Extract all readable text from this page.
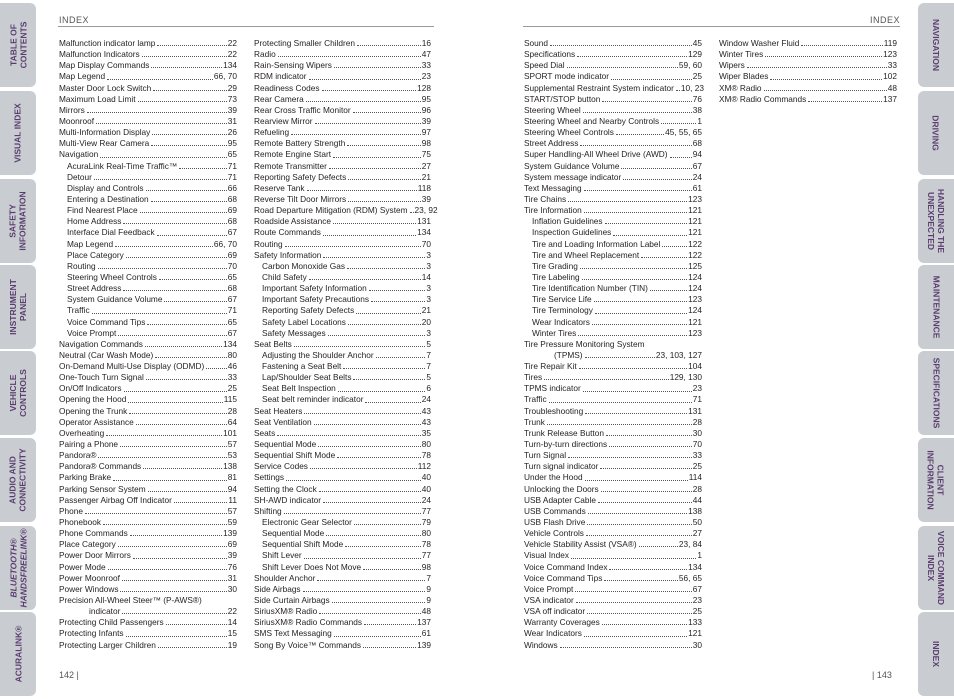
TABLE OF
CONTENTS
VISUAL INDEX
SAFETY
INFORMATION
INSTRUMENT
PANEL
VEHICLE
CONTROLS
AUDIO AND
CONNECTIVITY
BLUETOOTH®
HANDSFREELINK®
ACURALINK®
NAVIGATION
DRIVING
HANDLING THE
UNEXPECTED
MAINTENANCE
SPECIFICATIONS
CLIENT
INFORMATION
VOICE COMMAND
INDEX
INDEX
INDEX	INDEX
Malfunction indicator lamp	22
Malfunction Indicators	22
Map Display Commands	134
Map Legend	66, 70
Master Door Lock Switch	29
Maximum Load Limit	73
Mirrors	39
Moonroof	31
Multi-Information Display	26
Multi-View Rear Camera	95
Navigation	65
AcuraLink Real-Time Traffic™	71
Detour	71
Display and Controls	66
Entering a Destination	68
Find Nearest Place	69
Home Address	68
Interface Dial Feedback	67
Map Legend	66, 70
Place Category	69
Routing	70
Steering Wheel Controls	65
Street Address	68
System Guidance Volume	67
Traffic	71
Voice Command Tips	65
Voice Prompt	67
Navigation Commands	134
Neutral (Car Wash Mode)	80
On-Demand Multi-Use Display (ODMD)	46
One-Touch Turn Signal	33
On/Off Indicators	25
Opening the Hood	115
Opening the Trunk	28
Operator Assistance	64
Overheating	101
Pairing a Phone	57
Pandora®	53
Pandora® Commands	138
Parking Brake	81
Parking Sensor System	94
Passenger Airbag Off Indicator	11
Phone	57
Phonebook	59
Phone Commands	139
Place Category	69
Power Door Mirrors	39
Power Mode	76
Power Moonroof	31
Power Windows	30
Precision All-Wheel Steer™ (P-AWS®)
indicator	22
Protecting Child Passengers	14
Protecting Infants	15
Protecting Larger Children	19
Protecting Smaller Children	16
Radio	47
Rain-Sensing Wipers	33
RDM indicator	23
Readiness Codes	128
Rear Camera	95
Rear Cross Traffic Monitor	96
Rearview Mirror	39
Refueling	97
Remote Battery Strength	98
Remote Engine Start	75
Remote Transmitter	27
Reporting Safety Defects	21
Reserve Tank	118
Reverse Tilt Door Mirrors	39
Road Departure Mitigation (RDM) System 23, 92
Roadside Assistance	131
Route Commands	134
Routing	70
Safety Information	3
Carbon Monoxide Gas	3
Child Safety	14
Important Safety Information	3
Important Safety Precautions	3
Reporting Safety Defects	21
Safety Label Locations	20
Safety Messages	3
Seat Belts	5
Adjusting the Shoulder Anchor	7
Fastening a Seat Belt	7
Lap/Shoulder Seat Belts	5
Seat Belt Inspection	6
Seat belt reminder indicator	24
Seat Heaters	43
Seat Ventilation	43
Seats	35
Sequential Mode	80
Sequential Shift Mode	78
Service Codes	112
Settings	40
Setting the Clock	40
SH-AWD indicator	24
Shifting	77
Electronic Gear Selector	79
Sequential Mode	80
Sequential Shift Mode	78
Shift Lever	77
Shift Lever Does Not Move	98
Shoulder Anchor	7
Side Airbags	9
Side Curtain Airbags	9
SiriusXM® Radio	48
SiriusXM® Radio Commands	137
SMS Text Messaging	61
Song By Voice™ Commands	139
Sound	45
Specifications	129
Speed Dial	59, 60
SPORT mode indicator	25
Supplemental Restraint System indicator 10, 23
START/STOP button	76
Steering Wheel	38
Steering Wheel and Nearby Controls	1
Steering Wheel Controls	45, 55, 65
Street Address	68
Super Handling-All Wheel Drive (AWD)	94
System Guidance Volume	67
System message indicator	24
Text Messaging	61
Tire Chains	123
Tire Information	121
Inflation Guidelines	121
Inspection Guidelines	121
Tire and Loading Information Label	122
Tire and Wheel Replacement	122
Tire Grading	125
Tire Labeling	124
Tire Identification Number (TIN)	124
Tire Service Life	123
Tire Terminology	124
Wear Indicators	121
Winter Tires	123
Tire Pressure Monitoring System
(TPMS)	23, 103, 127
Tire Repair Kit	104
Tires	129, 130
TPMS indicator	23
Traffic	71
Troubleshooting	131
Trunk	28
Trunk Release Button	30
Turn-by-turn directions	70
Turn Signal	33
Turn signal indicator	25
Under the Hood	114
Unlocking the Doors	28
USB Adapter Cable	44
USB Commands	138
USB Flash Drive	50
Vehicle Controls	27
Vehicle Stability Assist (VSA®)	23, 84
Visual Index	1
Voice Command Index	134
Voice Command Tips	56, 65
Voice Prompt	67
VSA indicator	23
VSA off indicator	25
Warranty Coverages	133
Wear Indicators	121
Windows	30
Window Washer Fluid	119
Winter Tires	123
Wipers	33
Wiper Blades	102
XM® Radio	48
XM® Radio Commands	137
142 |	| 143
